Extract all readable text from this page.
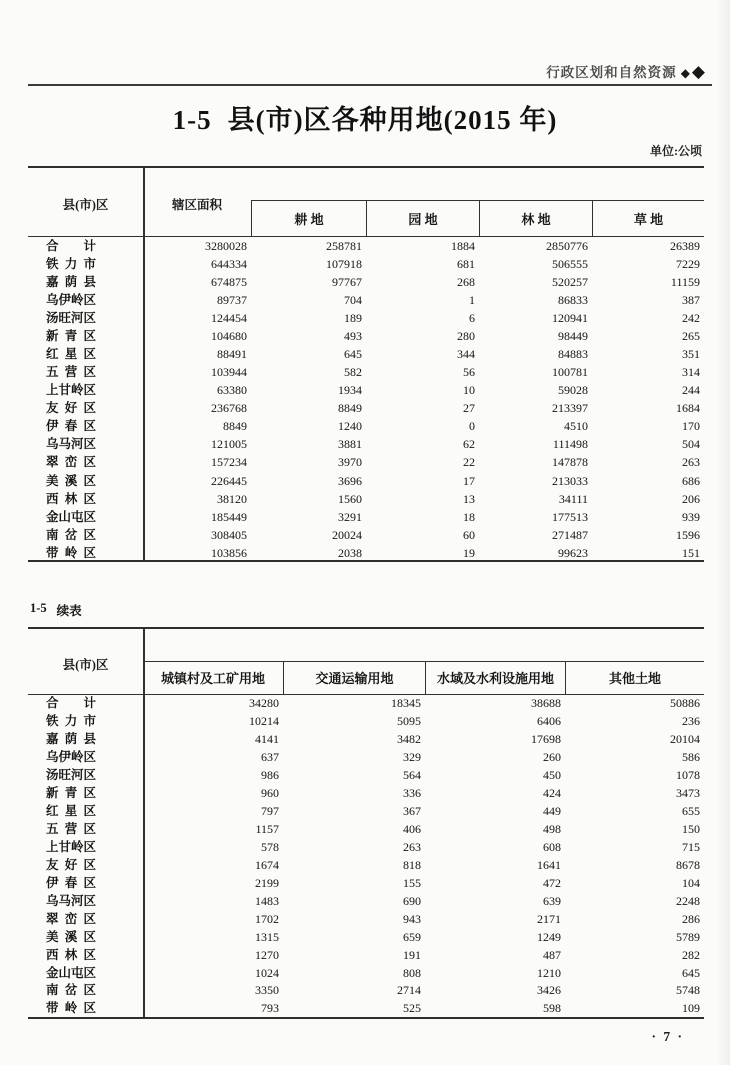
行政区划和自然资源 ◆◆
1-5 县(市)区各种用地(2015 年)
单位:公顷
县(市)区	辖区面积
耕 地	园 地	林 地	草 地
合计	3280028	258781	1884	2850776	26389
铁力市	644334	107918	681	506555	7229
嘉荫县	674875	97767	268	520257	11159
乌伊岭区	89737	704	1	86833	387
汤旺河区	124454	189	6	120941	242
新青区	104680	493	280	98449	265
红星区	88491	645	344	84883	351
五营区	103944	582	56	100781	314
上甘岭区	63380	1934	10	59028	244
友好区	236768	8849	27	213397	1684
伊春区	8849	1240	0	4510	170
乌马河区	121005	3881	62	111498	504
翠峦区	157234	3970	22	147878	263
美溪区	226445	3696	17	213033	686
西林区	38120	1560	13	34111	206
金山屯区	185449	3291	18	177513	939
南岔区	308405	20024	60	271487	1596
带岭区	103856	2038	19	99623	151
1-5 续表
县(市)区
城镇村及工矿用地	交通运输用地	水域及水利设施用地	其他土地
合计	34280	18345	38688	50886
铁力市	10214	5095	6406	236
嘉荫县	4141	3482	17698	20104
乌伊岭区	637	329	260	586
汤旺河区	986	564	450	1078
新青区	960	336	424	3473
红星区	797	367	449	655
五营区	1157	406	498	150
上甘岭区	578	263	608	715
友好区	1674	818	1641	8678
伊春区	2199	155	472	104
乌马河区	1483	690	639	2248
翠峦区	1702	943	2171	286
美溪区	1315	659	1249	5789
西林区	1270	191	487	282
金山屯区	1024	808	1210	645
南岔区	3350	2714	3426	5748
带岭区	793	525	598	109
· 7 ·
